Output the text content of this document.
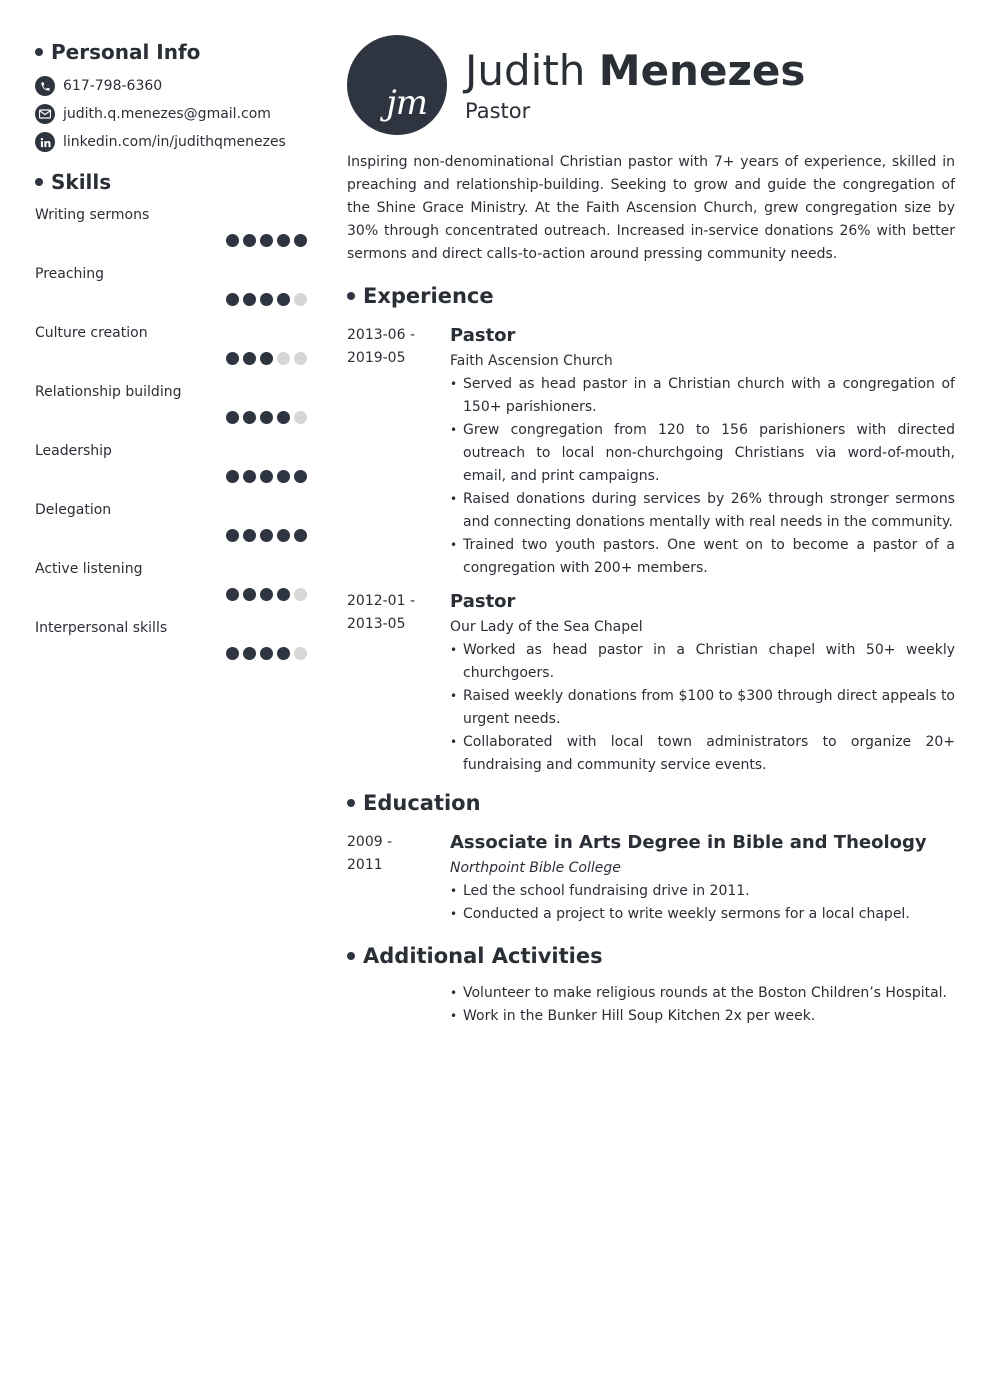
Personal Info
617-798-6360
judith.q.menezes@gmail.com
linkedin.com/in/judithqmenezes
Skills
Writing sermons
Preaching
Culture creation
Relationship building
Leadership
Delegation
Active listening
Interpersonal skills
jm
Judith Menezes
Pastor

Inspiring non-denominational Christian pastor with 7+ years of experience, skilled in preaching and relationship-building. Seeking to grow and guide the congregation of the Shine Grace Ministry. At the Faith Ascension Church, grew congregation size by 30% through concentrated outreach. Increased in-service donations 26% with better sermons and direct calls-to-action around pressing community needs.

Experience
2013-06 -
2019-05
Pastor
Faith Ascension Church
• Served as head pastor in a Christian church with a congregation of 150+ parishioners.
• Grew congregation from 120 to 156 parishioners with directed outreach to local non-churchgoing Christians via word-of-mouth, email, and print campaigns.
• Raised donations during services by 26% through stronger sermons and connecting donations mentally with real needs in the community.
• Trained two youth pastors. One went on to become a pastor of a congregation with 200+ members.
2012-01 -
2013-05
Pastor
Our Lady of the Sea Chapel
• Worked as head pastor in a Christian chapel with 50+ weekly churchgoers.
• Raised weekly donations from $100 to $300 through direct appeals to urgent needs.
• Collaborated with local town administrators to organize 20+ fundraising and community service events.
Education
2009 -
2011
Associate in Arts Degree in Bible and Theology
Northpoint Bible College
• Led the school fundraising drive in 2011.
• Conducted a project to write weekly sermons for a local chapel.
Additional Activities
• Volunteer to make religious rounds at the Boston Children’s Hospital.
• Work in the Bunker Hill Soup Kitchen 2x per week.
